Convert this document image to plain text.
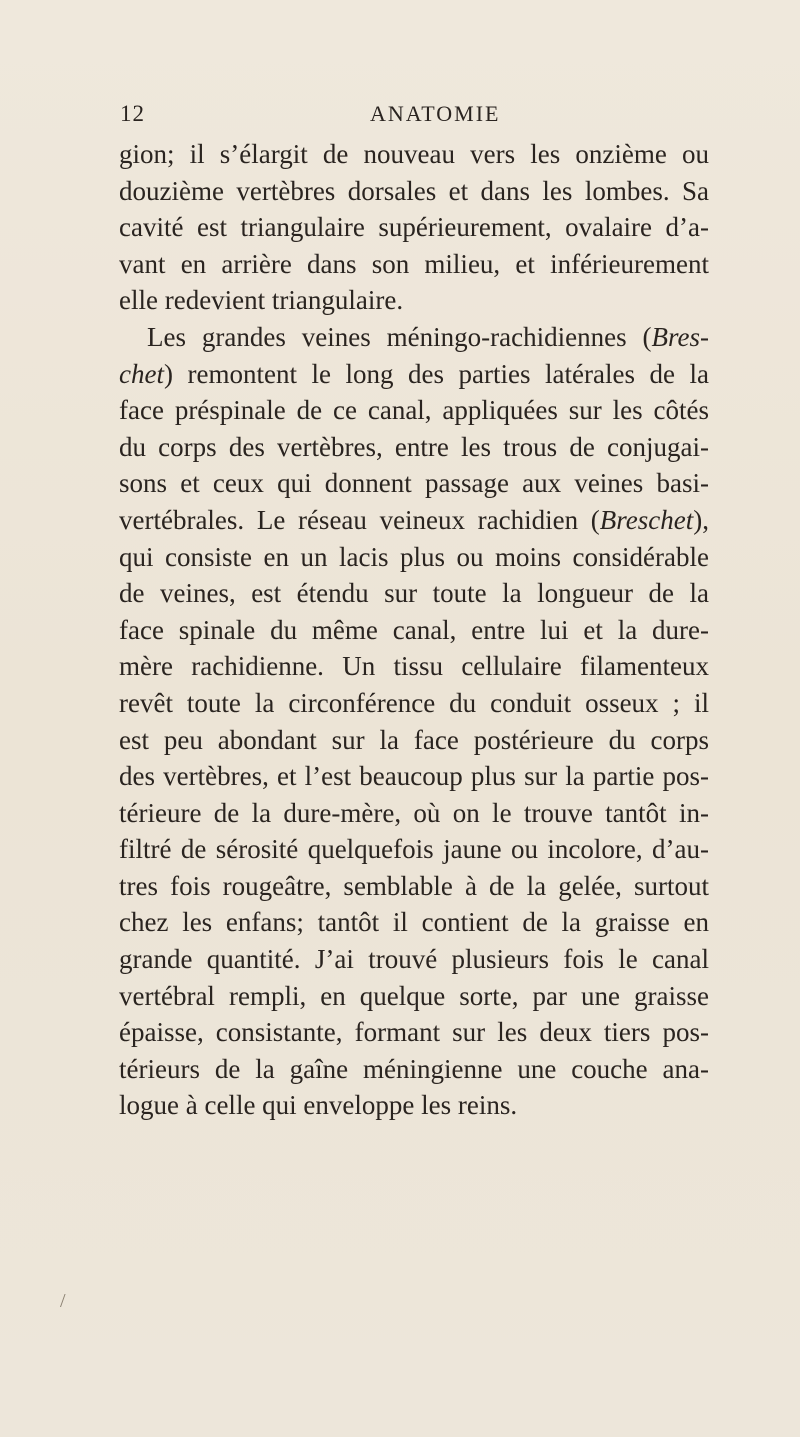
12	ANATOMIE
gion; il s’élargit de nouveau vers les onzième ou
douzième vertèbres dorsales et dans les lombes. Sa
cavité est triangulaire supérieurement, ovalaire d’a-
vant en arrière dans son milieu, et inférieurement
elle redevient triangulaire.
Les grandes veines méningo-rachidiennes (Bres-
chet) remontent le long des parties latérales de la
face préspinale de ce canal, appliquées sur les côtés
du corps des vertèbres, entre les trous de conjugai-
sons et ceux qui donnent passage aux veines basi-
vertébrales. Le réseau veineux rachidien (Breschet),
qui consiste en un lacis plus ou moins considérable
de veines, est étendu sur toute la longueur de la
face spinale du même canal, entre lui et la dure-
mère rachidienne. Un tissu cellulaire filamenteux
revêt toute la circonférence du conduit osseux ; il
est peu abondant sur la face postérieure du corps
des vertèbres, et l’est beaucoup plus sur la partie pos-
térieure de la dure-mère, où on le trouve tantôt in-
filtré de sérosité quelquefois jaune ou incolore, d’au-
tres fois rougeâtre, semblable à de la gelée, surtout
chez les enfans; tantôt il contient de la graisse en
grande quantité. J’ai trouvé plusieurs fois le canal
vertébral rempli, en quelque sorte, par une graisse
épaisse, consistante, formant sur les deux tiers pos-
térieurs de la gaîne méningienne une couche ana-
logue à celle qui enveloppe les reins.
/
